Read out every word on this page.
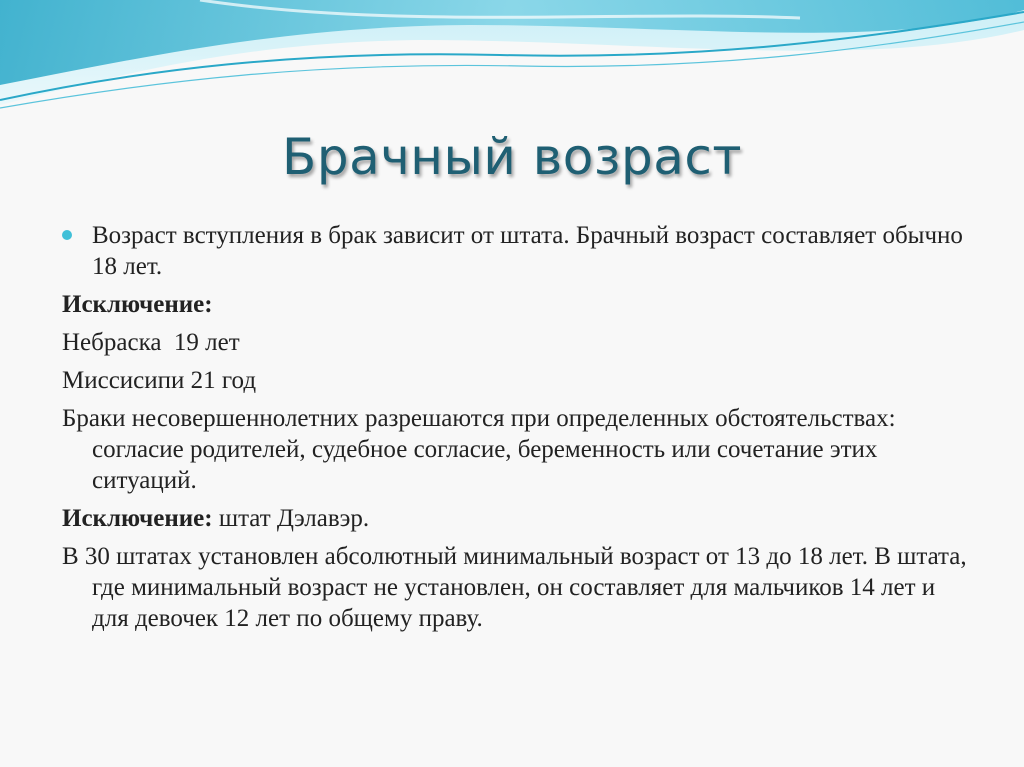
Брачный возраст

Возраст вступления в брак зависит от штата. Брачный возраст составляет обычно 18 лет.

Исключение:

Небраска  19 лет

Миссисипи 21 год

Браки несовершеннолетних разрешаются при определенных обстоятельствах: согласие родителей, судебное согласие, беременность или сочетание этих ситуаций.

Исключение: штат Дэлавэр.

В 30 штатах установлен абсолютный минимальный возраст от 13 до 18 лет. В штата, где минимальный возраст не установлен, он составляет для мальчиков 14 лет и для девочек 12 лет по общему праву.
